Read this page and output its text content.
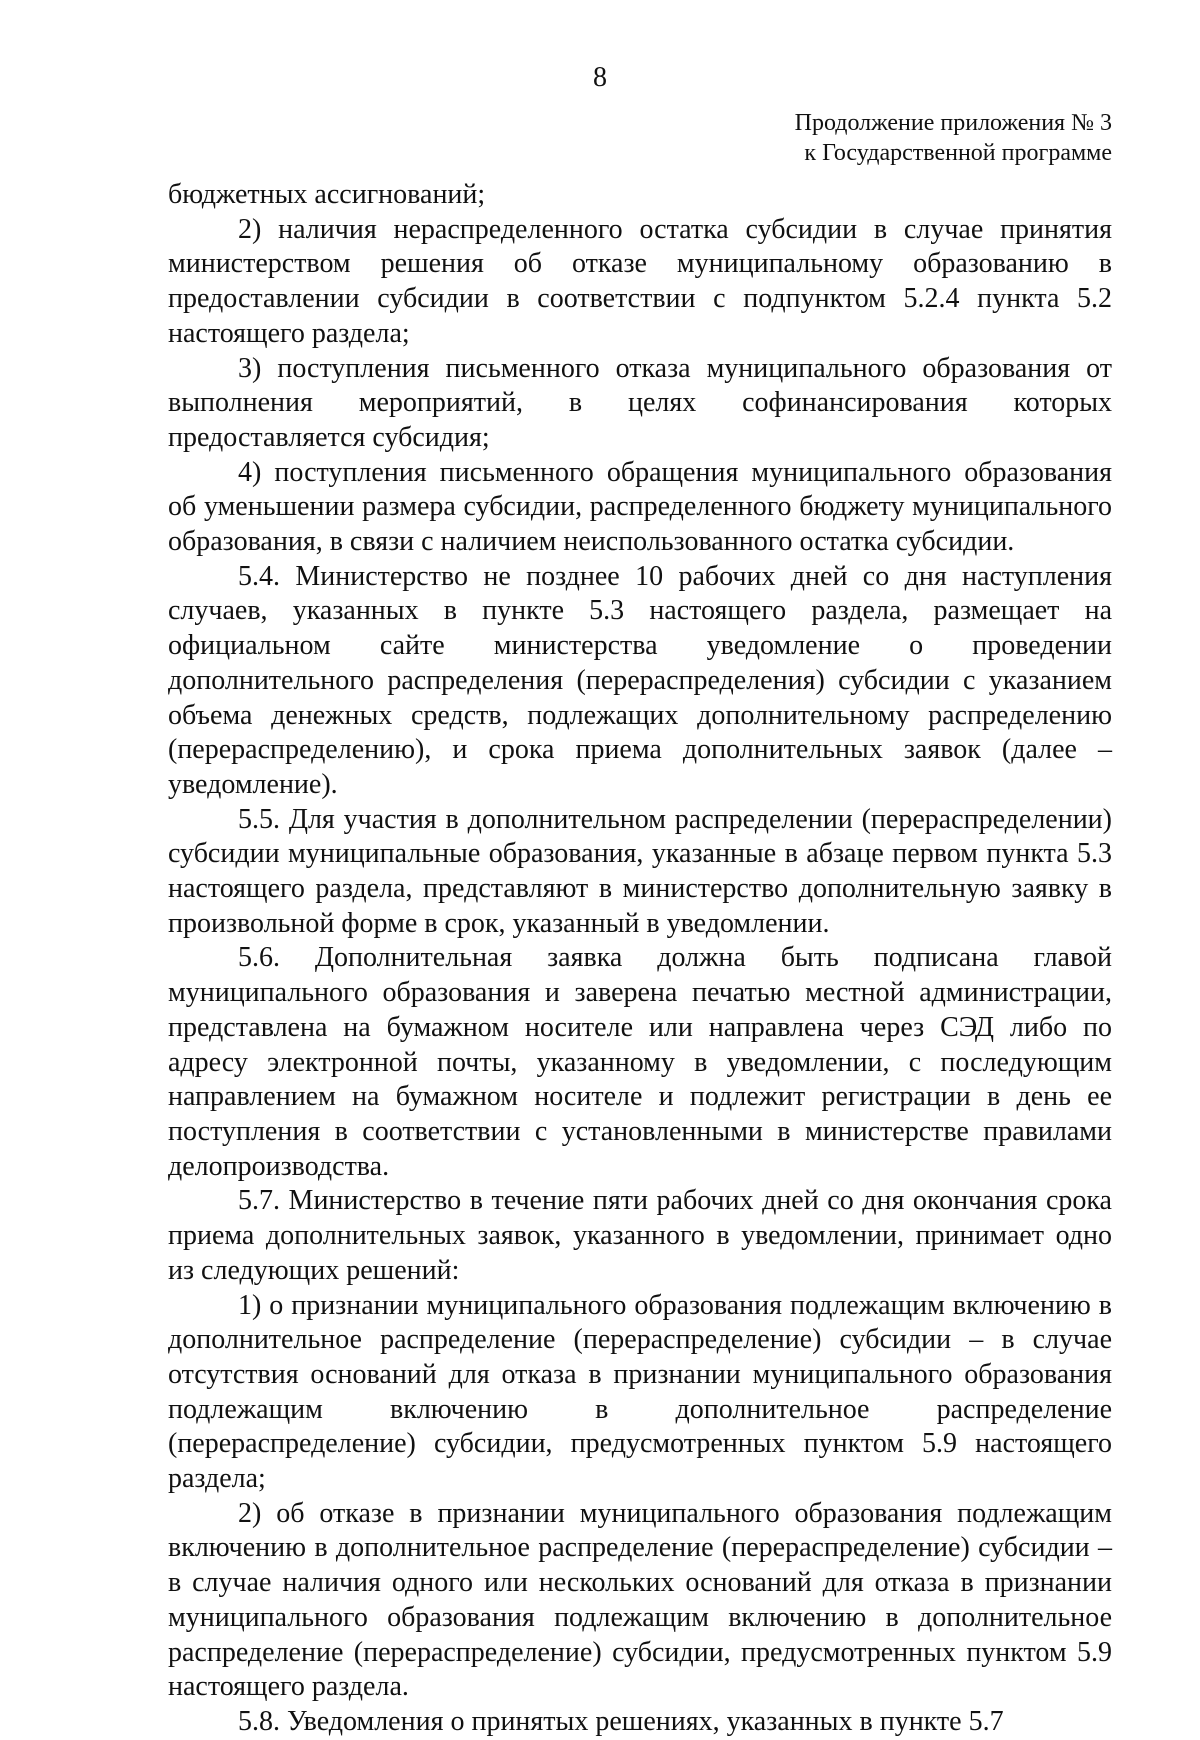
8
Продолжение приложения № 3
к Государственной программе

бюджетных ассигнований;

2) наличия нераспределенного остатка субсидии в случае принятия министерством решения об отказе муниципальному образованию в предоставлении субсидии в соответствии с подпунктом 5.2.4 пункта 5.2 настоящего раздела;

3) поступления письменного отказа муниципального образования от выполнения мероприятий, в целях софинансирования которых предоставляется субсидия;

4) поступления письменного обращения муниципального образования об уменьшении размера субсидии, распределенного бюджету муниципального образования, в связи с наличием неиспользованного остатка субсидии.

5.4. Министерство не позднее 10 рабочих дней со дня наступления случаев, указанных в пункте 5.3 настоящего раздела, размещает на официальном сайте министерства уведомление о проведении дополнительного распределения (перераспределения) субсидии с указанием объема денежных средств, подлежащих дополнительному распределению (перераспределению), и срока приема дополнительных заявок (далее – уведомление).

5.5. Для участия в дополнительном распределении (перераспределении) субсидии муниципальные образования, указанные в абзаце первом пункта 5.3 настоящего раздела, представляют в министерство дополнительную заявку в произвольной форме в срок, указанный в уведомлении.

5.6. Дополнительная заявка должна быть подписана главой муниципального образования и заверена печатью местной администрации, представлена на бумажном носителе или направлена через СЭД либо по адресу электронной почты, указанному в уведомлении, с последующим направлением на бумажном носителе и подлежит регистрации в день ее поступления в соответствии с установленными в министерстве правилами делопроизводства.

5.7. Министерство в течение пяти рабочих дней со дня окончания срока приема дополнительных заявок, указанного в уведомлении, принимает одно из следующих решений:

1) о признании муниципального образования подлежащим включению в дополнительное распределение (перераспределение) субсидии – в случае отсутствия оснований для отказа в признании муниципального образования подлежащим включению в дополнительное распределение (перераспределение) субсидии, предусмотренных пунктом 5.9 настоящего раздела;

2) об отказе в признании муниципального образования подлежащим включению в дополнительное распределение (перераспределение) субсидии – в случае наличия одного или нескольких оснований для отказа в признании муниципального образования подлежащим включению в дополнительное распределение (перераспределение) субсидии, предусмотренных пунктом 5.9 настоящего раздела.

5.8. Уведомления о принятых решениях, указанных в пункте 5.7
